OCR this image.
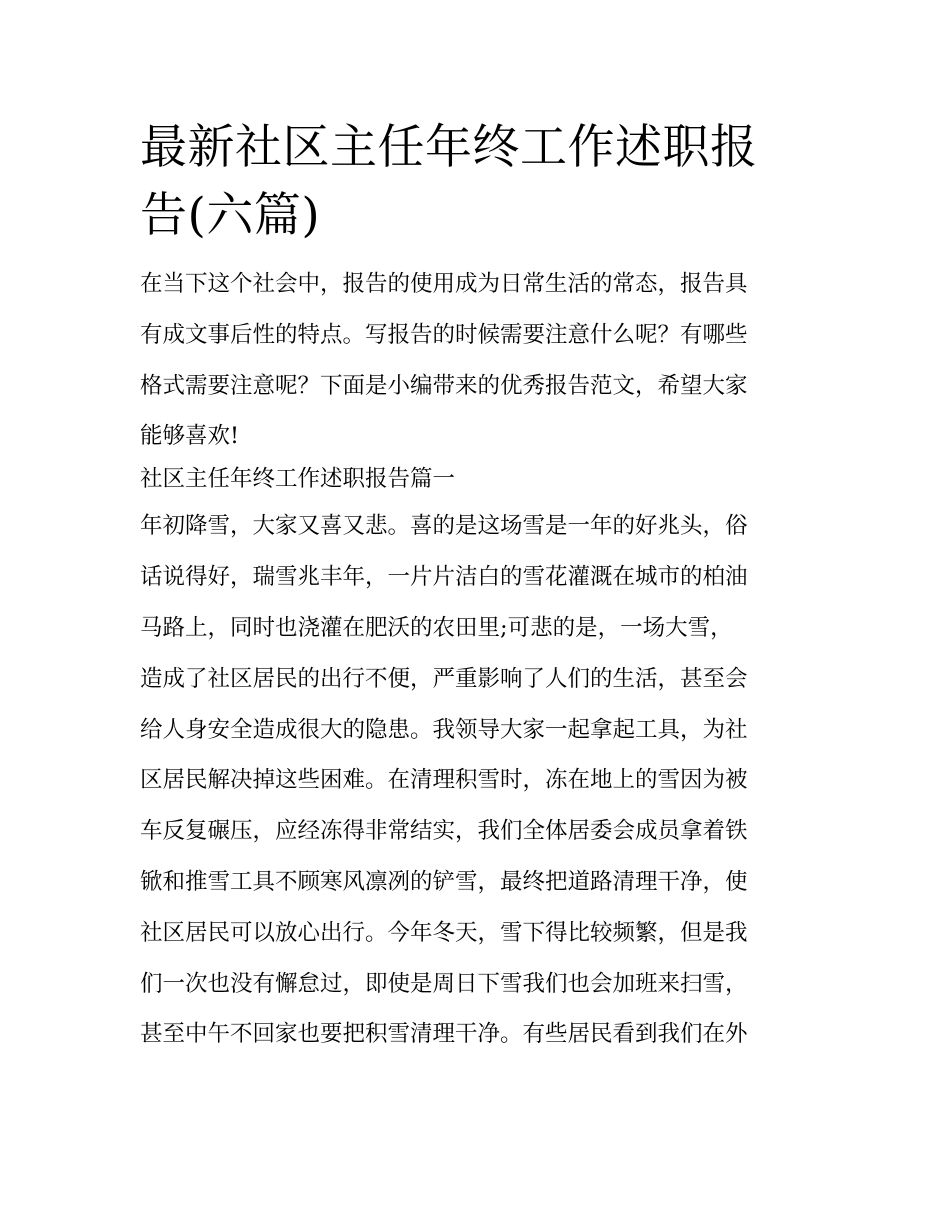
最新社区主任年终工作述职报
告(六篇)
在当下这个社会中，报告的使用成为日常生活的常态，报告具
有成文事后性的特点。写报告的时候需要注意什么呢？有哪些
格式需要注意呢？下面是小编带来的优秀报告范文，希望大家
能够喜欢!
社区主任年终工作述职报告篇一
年初降雪，大家又喜又悲。喜的是这场雪是一年的好兆头，俗
话说得好，瑞雪兆丰年，一片片洁白的雪花灌溉在城市的柏油
马路上，同时也浇灌在肥沃的农田里;可悲的是，一场大雪，
造成了社区居民的出行不便，严重影响了人们的生活，甚至会
给人身安全造成很大的隐患。我领导大家一起拿起工具，为社
区居民解决掉这些困难。在清理积雪时，冻在地上的雪因为被
车反复碾压，应经冻得非常结实，我们全体居委会成员拿着铁
锨和推雪工具不顾寒风凛冽的铲雪，最终把道路清理干净，使
社区居民可以放心出行。今年冬天，雪下得比较频繁，但是我
们一次也没有懈怠过，即使是周日下雪我们也会加班来扫雪，
甚至中午不回家也要把积雪清理干净。有些居民看到我们在外
